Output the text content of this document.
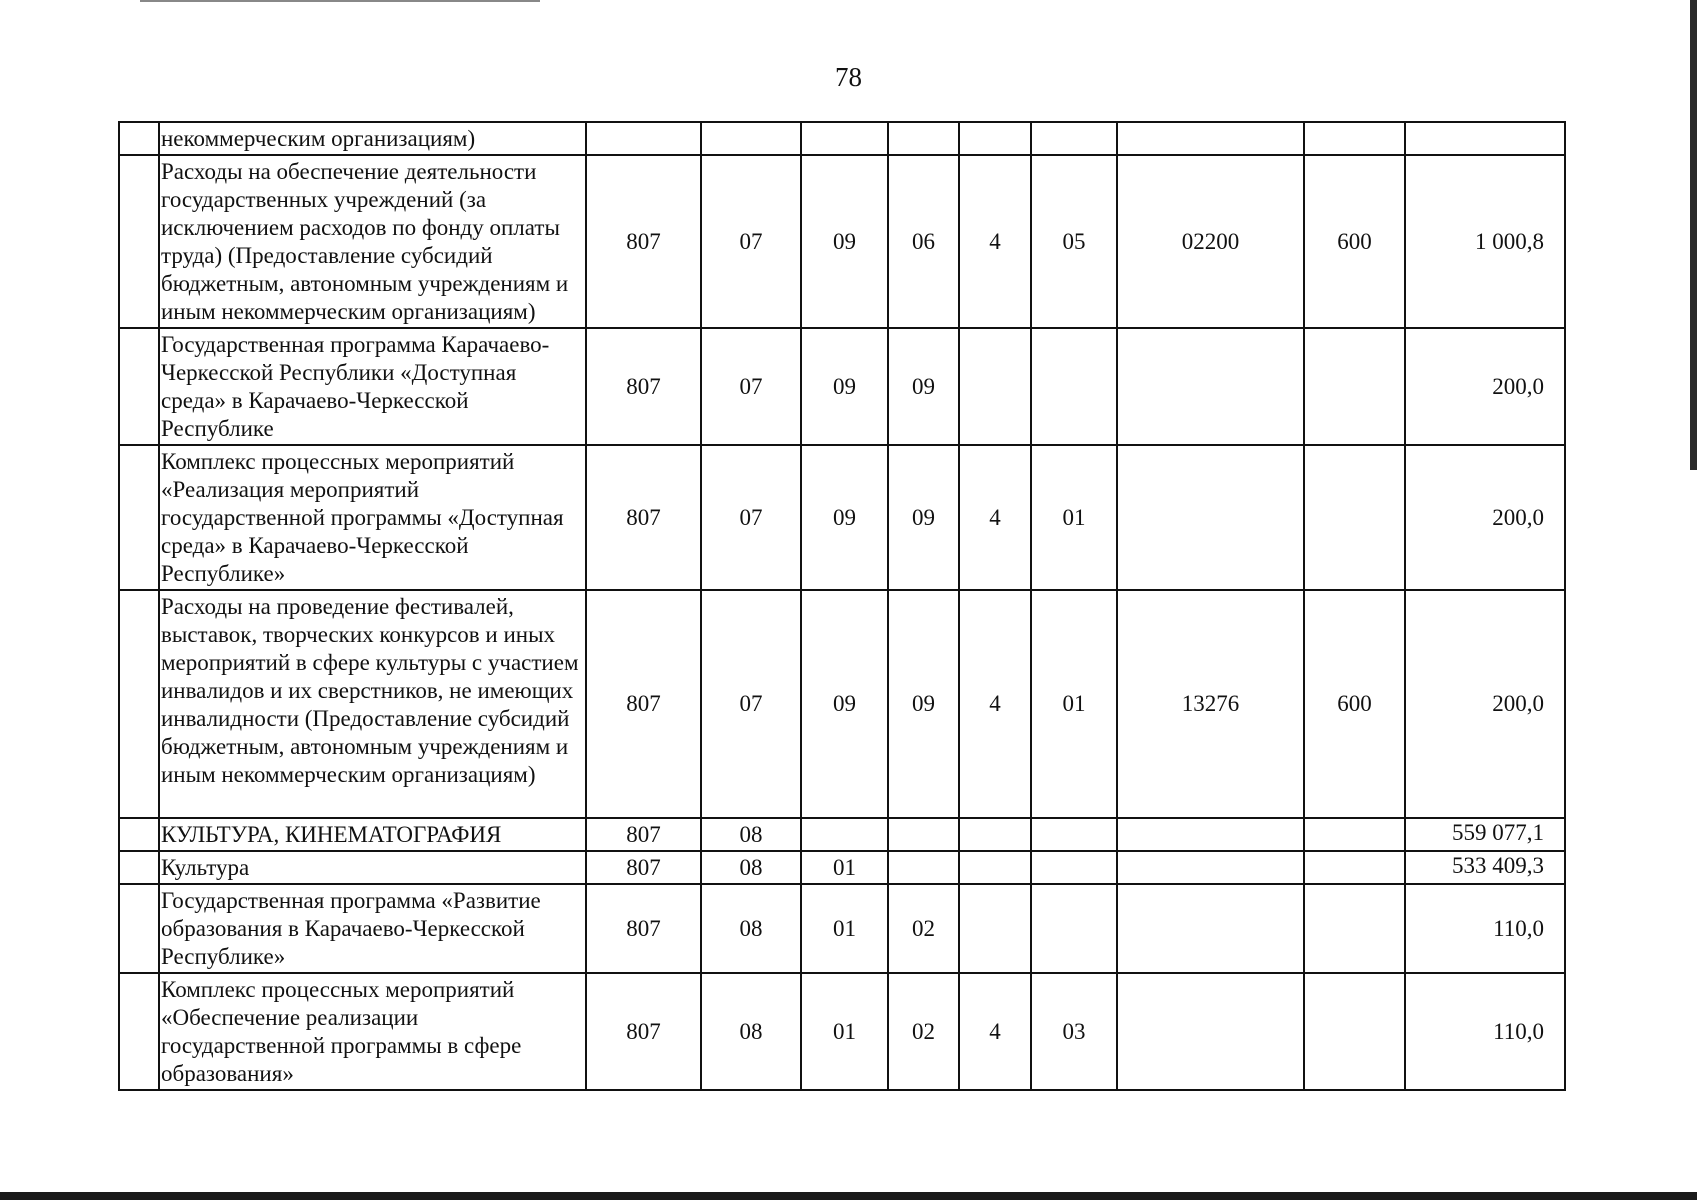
78
	некоммерческим организациям)									
	Расходы на обеспечение деятельности государственных учреждений (за исключением расходов по фонду оплаты труда) (Предоставление субсидий бюджетным, автономным учреждениям и иным некоммерческим организациям)	807	07	09	06	4	05	02200	600	1 000,8
	Государственная программа Карачаево-Черкесской Республики «Доступная среда» в Карачаево-Черкесской Республике	807	07	09	09					200,0
	Комплекс процессных мероприятий «Реализация мероприятий государственной программы «Доступная среда» в Карачаево-Черкесской Республике»	807	07	09	09	4	01			200,0
	Расходы на проведение фестивалей, выставок, творческих конкурсов и иных мероприятий в сфере культуры с участием инвалидов и их сверстников, не имеющих инвалидности (Предоставление субсидий бюджетным, автономным учреждениям и иным некоммерческим организациям)	807	07	09	09	4	01	13276	600	200,0
	КУЛЬТУРА, КИНЕМАТОГРАФИЯ	807	08							559 077,1
	Культура	807	08	01						533 409,3
	Государственная программа «Развитие образования в Карачаево-Черкесской Республике»	807	08	01	02					110,0
	Комплекс процессных мероприятий «Обеспечение реализации государственной программы в сфере образования»	807	08	01	02	4	03			110,0
